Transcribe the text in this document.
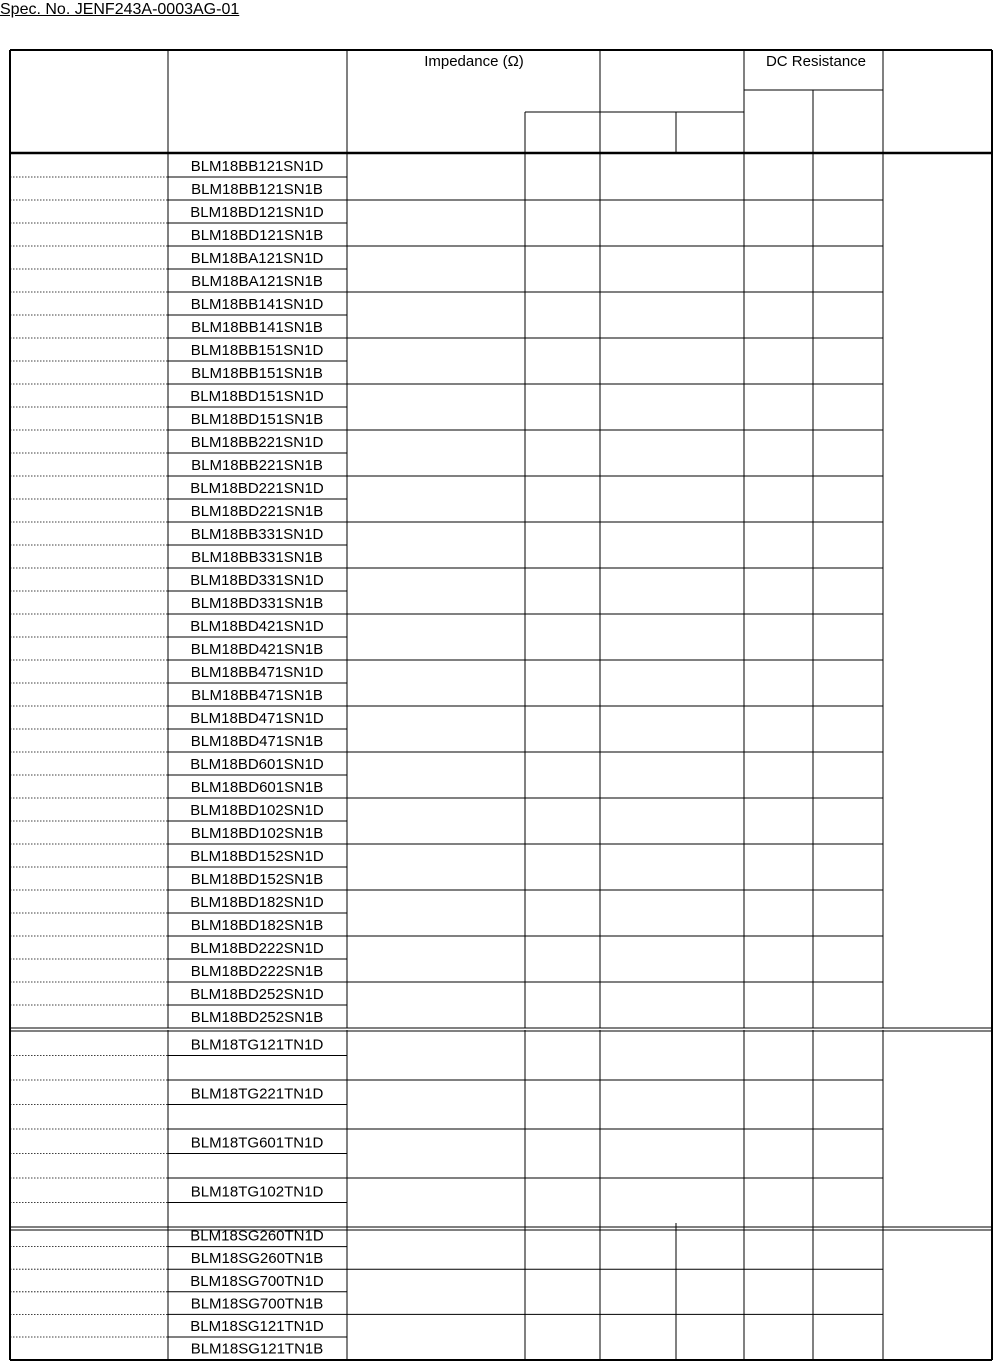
Spec. No. JENF243A-0003AG-01
Impedance (Ω)	DC Resistance
BLM18BB121SN1D
BLM18BB121SN1B
BLM18BD121SN1D
BLM18BD121SN1B
BLM18BA121SN1D
BLM18BA121SN1B
BLM18BB141SN1D
BLM18BB141SN1B
BLM18BB151SN1D
BLM18BB151SN1B
BLM18BD151SN1D
BLM18BD151SN1B
BLM18BB221SN1D
BLM18BB221SN1B
BLM18BD221SN1D
BLM18BD221SN1B
BLM18BB331SN1D
BLM18BB331SN1B
BLM18BD331SN1D
BLM18BD331SN1B
BLM18BD421SN1D
BLM18BD421SN1B
BLM18BB471SN1D
BLM18BB471SN1B
BLM18BD471SN1D
BLM18BD471SN1B
BLM18BD601SN1D
BLM18BD601SN1B
BLM18BD102SN1D
BLM18BD102SN1B
BLM18BD152SN1D
BLM18BD152SN1B
BLM18BD182SN1D
BLM18BD182SN1B
BLM18BD222SN1D
BLM18BD222SN1B
BLM18BD252SN1D
BLM18BD252SN1B
BLM18TG121TN1D
BLM18TG221TN1D
BLM18TG601TN1D
BLM18TG102TN1D
BLM18SG260TN1D
BLM18SG260TN1B
BLM18SG700TN1D
BLM18SG700TN1B
BLM18SG121TN1D
BLM18SG121TN1B
